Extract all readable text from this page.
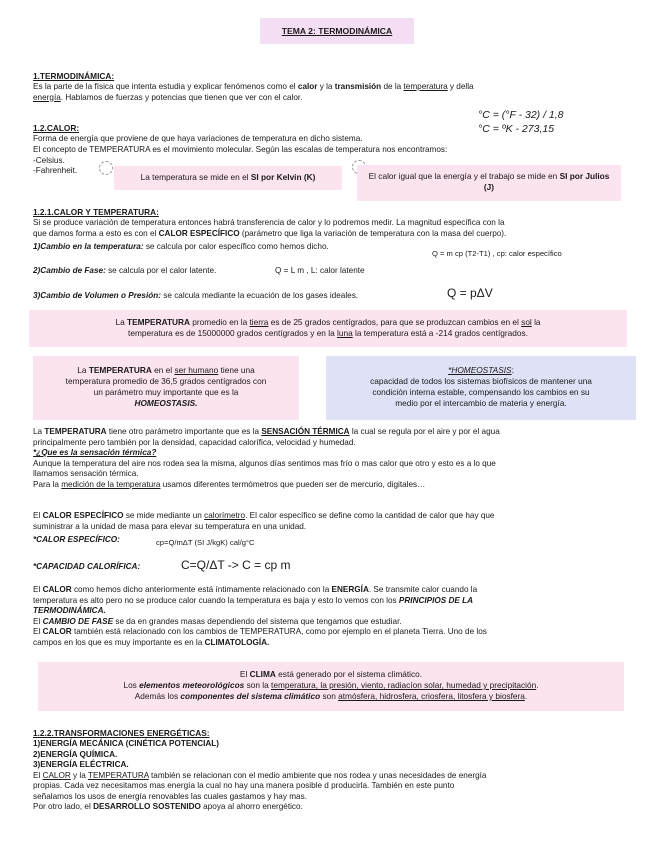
TEMA 2: TERMODINÁMICA
1.TERMODINÁMICA:
Es la parte de la física que intenta estudia y explicar fenómenos como el calor y la transmisión de la temperatura y della
energía. Hablamos de fuerzas y potencias que tienen que ver con el calor.
°C = (°F - 32) / 1,8
°C = ºK - 273,15
1.2.CALOR:
Forma de energía que proviene de que haya variaciones de temperatura en dicho sistema.
El concepto de TEMPERATURA es el movimiento molecular. Según las escalas de temperatura nos encontramos:
-Celsius.
-Fahrenheit.
La temperatura se mide en el SI por Kelvin (K)	El calor igual que la energía y el trabajo se mide en SI por Julios (J)
1.2.1.CALOR Y TEMPERATURA:
Si se produce variación de temperatura entonces habrá transferencia de calor y lo podremos medir. La magnitud específica con la
que damos forma a esto es con el CALOR ESPECÍFICO (parámetro que liga la variación de temperatura con la masa del cuerpo).
1)Cambio en la temperatura: se calcula por calor específico como hemos dicho.
Q = m cp (T2-T1) , cp: calor específico
2)Cambio de Fase: se calcula por el calor latente.	Q = L m , L: calor latente
3)Cambio de Volumen o Presión: se calcula mediante la ecuación de los gases ideales.	Q = pΔV
La TEMPERATURA promedio en la tierra es de 25 grados centígrados, para que se produzcan cambios en el sol la
temperatura es de 15000000 grados centígrados y en la luna la temperatura está a -214 grados centígrados.
La TEMPERATURA en el ser humano tiene una
temperatura promedio de 36,5 grados centígrados con
un parámetro muy importante que es la
HOMEOSTASIS.
*HOMEOSTASIS:
capacidad de todos los sistemas biofísicos de mantener una
condición interna estable, compensando los cambios en su
medio por el intercambio de materia y energía.
La TEMPERATURA tiene otro parámetro importante que es la SENSACIÓN TÉRMICA la cual se regula por el aire y por el agua
principalmente pero también por la densidad, capacidad calorífica, velocidad y humedad.
*¿Que es la sensación térmica?
Aunque la temperatura del aire nos rodea sea la misma, algunos días sentimos mas frío o mas calor que otro y esto es a lo que
llamamos sensación térmica.
Para la medición de la temperatura usamos diferentes termómetros que pueden ser de mercurio, digitales…
El CALOR ESPECÍFICO se mide mediante un calorímetro. El calor específico se define como la cantidad de calor que hay que
suministrar a la unidad de masa para elevar su temperatura en una unidad.
*CALOR ESPECÍFICO:	cp=Q/mΔT (SI J/kgK) cal/g°C
*CAPACIDAD CALORÍFICA:	C=Q/ΔT -> C = cp m
El CALOR como hemos dicho anteriormente está íntimamente relacionado con la ENERGÍA. Se transmite calor cuando la
temperatura es alto pero no se produce calor cuando la temperatura es baja y esto lo vemos con los PRINCIPIOS DE LA
TERMODINÁMICA.
El CAMBIO DE FASE se da en grandes masas dependiendo del sistema que tengamos que estudiar.
El CALOR también está relacionado con los cambios de TEMPERATURA, como por ejemplo en el planeta Tierra. Uno de los
campos en los que es muy importante es en la CLIMATOLOGÍA.
El CLIMA está generado por el sistema climático.
Los elementos meteorológicos son la temperatura, la presión, viento, radiacíon solar, humedad y precipitación.
Además los componentes del sistema climático son atmósfera, hidrosfera, criosfera, litosfera y biosfera.
1.2.2.TRANSFORMACIONES ENERGÉTICAS:
1)ENERGÍA MECÁNICA (CINÉTICA POTENCIAL)
2)ENERGÍA QUÍMICA.
3)ENERGÍA ELÉCTRICA.
El CALOR y la TEMPERATURA también se relacionan con el medio ambiente que nos rodea y unas necesidades de energía
propias. Cada vez necesitamos mas energía la cual no hay una manera posible d producirla. También en este punto
señalamos los usos de energía renovables las cuales gastamos y hay mas.
Por otro lado, el DESARROLLO SOSTENIDO apoya al ahorro energético.
